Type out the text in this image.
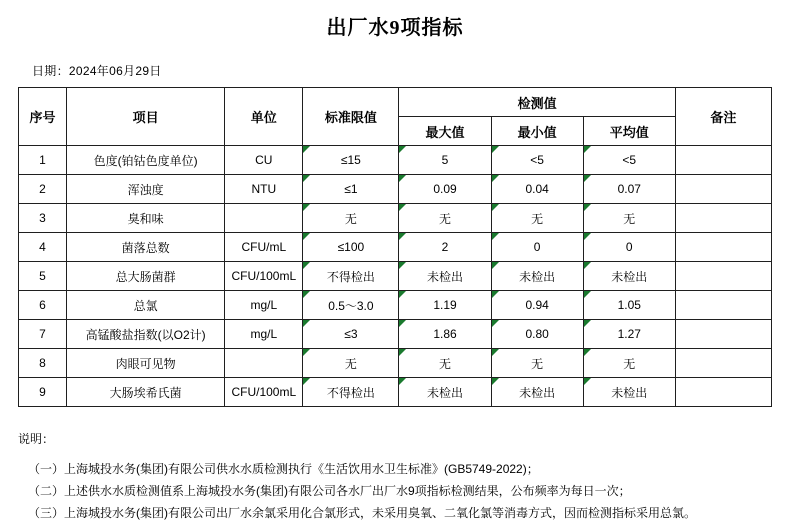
出厂水9项指标
日期：2024年06月29日
序号	项目	单位	标准限值	检测值			备注
				最大值	最小值	平均值	
1	色度(铂钴色度单位)	CU	≤15	5	<5	<5	
2	浑浊度	NTU	≤1	0.09	0.04	0.07	
3	臭和味		无	无	无	无	
4	菌落总数	CFU/mL	≤100	2	0	0	
5	总大肠菌群	CFU/100mL	不得检出	未检出	未检出	未检出	
6	总氯	mg/L	0.5～3.0	1.19	0.94	1.05	
7	高锰酸盐指数(以O2计)	mg/L	≤3	1.86	0.80	1.27	
8	肉眼可见物		无	无	无	无	
9	大肠埃希氏菌	CFU/100mL	不得检出	未检出	未检出	未检出	
说明：
（一）上海城投水务(集团)有限公司供水水质检测执行《生活饮用水卫生标准》(GB5749-2022)；
（二）上述供水水质检测值系上海城投水务(集团)有限公司各水厂出厂水9项指标检测结果，公布频率为每日一次；
（三）上海城投水务(集团)有限公司出厂水余氯采用化合氯形式，未采用臭氧、二氧化氯等消毒方式，因而检测指标采用总氯。
